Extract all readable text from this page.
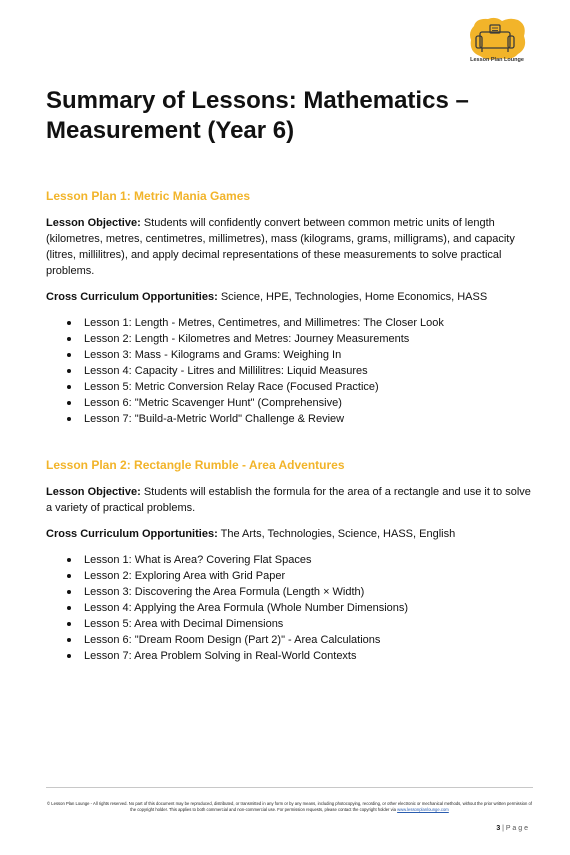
Lesson Plan Lounge
Summary of Lessons: Mathematics – Measurement (Year 6)
Lesson Plan 1: Metric Mania Games

Lesson Objective: Students will confidently convert between common metric units of length (kilometres, metres, centimetres, millimetres), mass (kilograms, grams, milligrams), and capacity (litres, millilitres), and apply decimal representations of these measurements to solve practical problems.

Cross Curriculum Opportunities: Science, HPE, Technologies, Home Economics, HASS

Lesson 1: Length - Metres, Centimetres, and Millimetres: The Closer Look
Lesson 2: Length - Kilometres and Metres: Journey Measurements
Lesson 3: Mass - Kilograms and Grams: Weighing In
Lesson 4: Capacity - Litres and Millilitres: Liquid Measures
Lesson 5: Metric Conversion Relay Race (Focused Practice)
Lesson 6: "Metric Scavenger Hunt" (Comprehensive)
Lesson 7: "Build-a-Metric World" Challenge & Review
Lesson Plan 2: Rectangle Rumble - Area Adventures

Lesson Objective: Students will establish the formula for the area of a rectangle and use it to solve a variety of practical problems.

Cross Curriculum Opportunities: The Arts, Technologies, Science, HASS, English

Lesson 1: What is Area? Covering Flat Spaces
Lesson 2: Exploring Area with Grid Paper
Lesson 3: Discovering the Area Formula (Length × Width)
Lesson 4: Applying the Area Formula (Whole Number Dimensions)
Lesson 5: Area with Decimal Dimensions
Lesson 6: "Dream Room Design (Part 2)" - Area Calculations
Lesson 7: Area Problem Solving in Real-World Contexts
© Lesson Plan Lounge - All rights reserved. No part of this document may be reproduced, distributed, or transmitted in any form or by any means, including photocopying, recording, or other electronic or mechanical methods, without the prior written permission of the copyright holder. This applies to both commercial and non-commercial use. For permission requests, please contact the copyright holder via www.lessonplanlounge.com
3 | P a g e
